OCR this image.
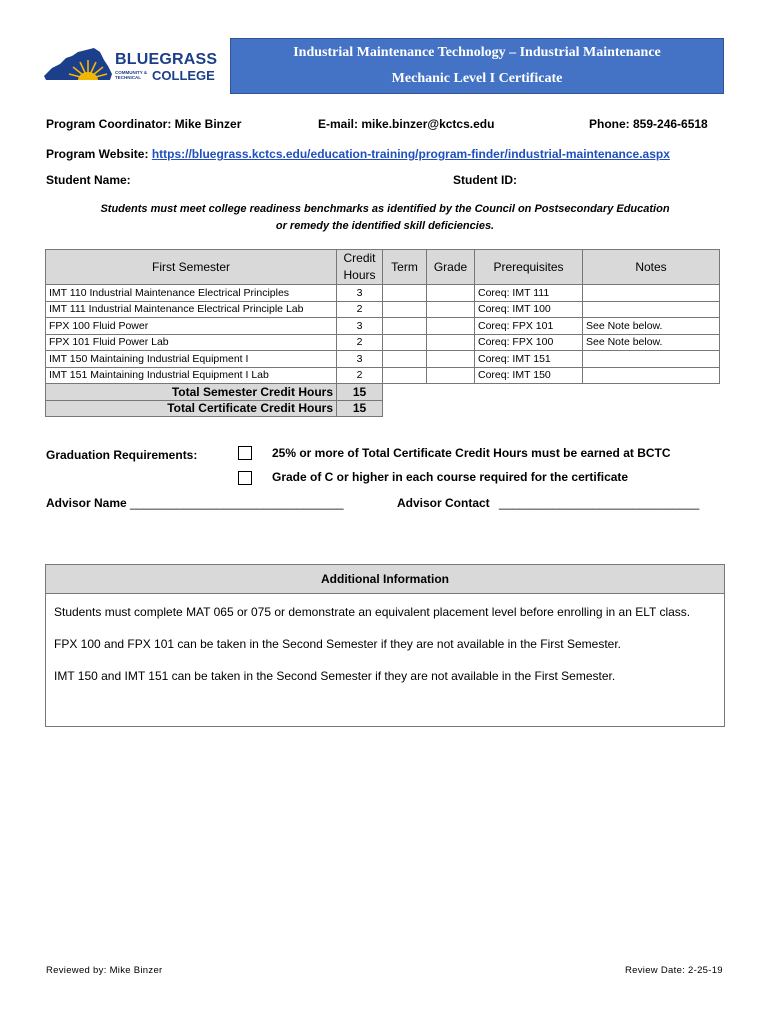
BLUEGRASS
COMMUNITY & TECHNICAL COLLEGE
Industrial Maintenance Technology – Industrial Maintenance
Mechanic Level I Certificate
Program Coordinator: Mike Binzer	E-mail: mike.binzer@kctcs.edu	Phone: 859-246-6518
Program Website: https://bluegrass.kctcs.edu/education-training/program-finder/industrial-maintenance.aspx
Student Name:	Student ID:
Students must meet college readiness benchmarks as identified by the Council on Postsecondary Education
or remedy the identified skill deficiencies.
First Semester	Credit
Hours	Term	Grade	Prerequisites	Notes
IMT 110 Industrial Maintenance Electrical Principles	3			Coreq: IMT 111	
IMT 111 Industrial Maintenance Electrical Principle Lab	2			Coreq: IMT 100	
FPX 100 Fluid Power	3			Coreq: FPX 101	See Note below.
FPX 101 Fluid Power Lab	2			Coreq: FPX 100	See Note below.
IMT 150 Maintaining Industrial Equipment I	3			Coreq: IMT 151	
IMT 151 Maintaining Industrial Equipment I Lab	2			Coreq: IMT 150	
Total Semester Credit Hours	15				
Total Certificate Credit Hours	15				
Graduation Requirements:	25% or more of Total Certificate Credit Hours must be earned at BCTC
Grade of C or higher in each course required for the certificate
Advisor Name ________________________________	Advisor Contact ______________________________
Additional Information

Students must complete MAT 065 or 075 or demonstrate an equivalent placement level before enrolling in an ELT class.

FPX 100 and FPX 101 can be taken in the Second Semester if they are not available in the First Semester.

IMT 150 and IMT 151 can be taken in the Second Semester if they are not available in the First Semester.

Reviewed by: Mike Binzer	Review Date: 2-25-19
